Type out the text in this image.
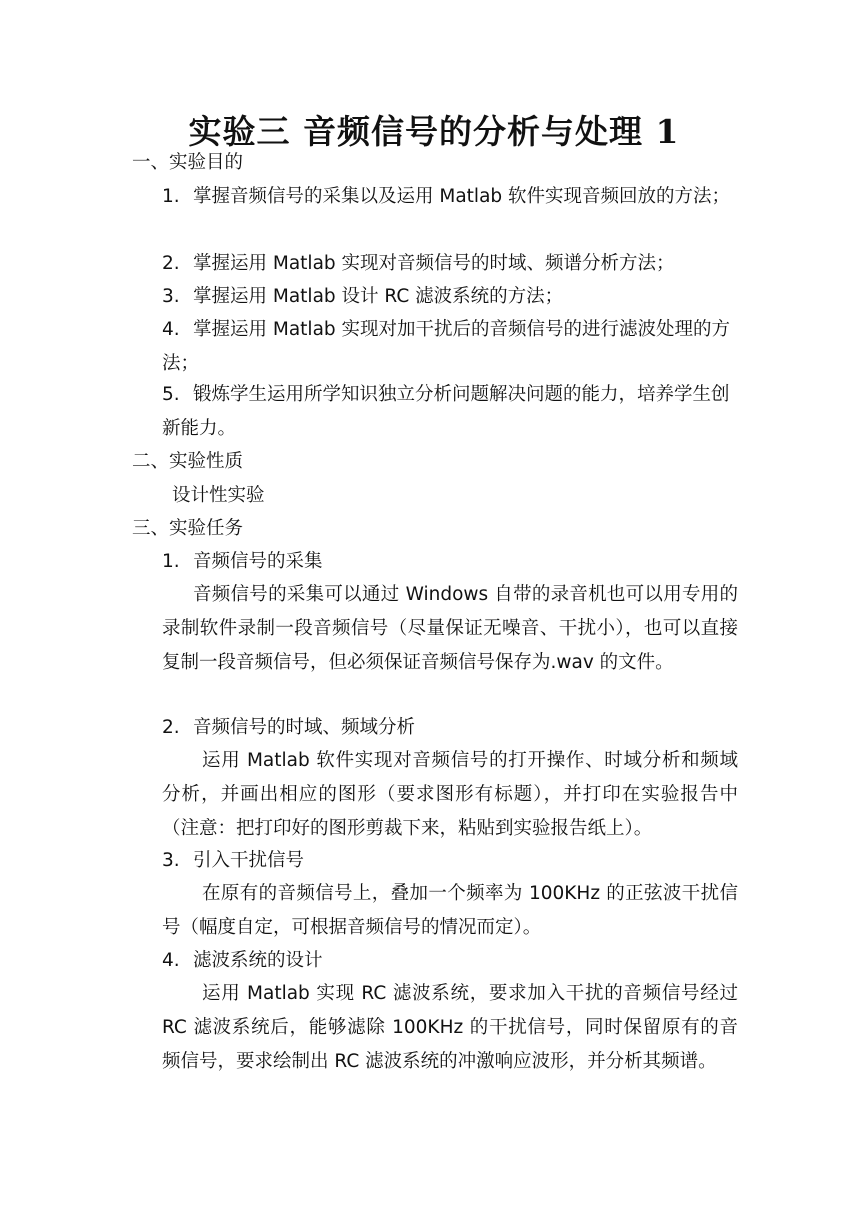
实验三 音频信号的分析与处理 1
一、实验目的
1. 掌握音频信号的采集以及运用 Matlab 软件实现音频回放的方法；
2. 掌握运用 Matlab 实现对音频信号的时域、频谱分析方法；
3. 掌握运用 Matlab 设计 RC 滤波系统的方法；
4. 掌握运用 Matlab 实现对加干扰后的音频信号的进行滤波处理的方法；
5. 锻炼学生运用所学知识独立分析问题解决问题的能力，培养学生创新能力。
二、实验性质
设计性实验
三、实验任务
1. 音频信号的采集
音频信号的采集可以通过 Windows 自带的录音机也可以用专用的录制软件录制一段音频信号（尽量保证无噪音、干扰小），也可以直接复制一段音频信号，但必须保证音频信号保存为.wav 的文件。
2. 音频信号的时域、频域分析
运用 Matlab 软件实现对音频信号的打开操作、时域分析和频域分析，并画出相应的图形（要求图形有标题），并打印在实验报告中（注意：把打印好的图形剪裁下来，粘贴到实验报告纸上）。
3. 引入干扰信号
在原有的音频信号上，叠加一个频率为 100KHz 的正弦波干扰信号（幅度自定，可根据音频信号的情况而定）。
4. 滤波系统的设计
运用 Matlab 实现 RC 滤波系统，要求加入干扰的音频信号经过 RC 滤波系统后，能够滤除 100KHz 的干扰信号，同时保留原有的音频信号，要求绘制出 RC 滤波系统的冲激响应波形，并分析其频谱。
